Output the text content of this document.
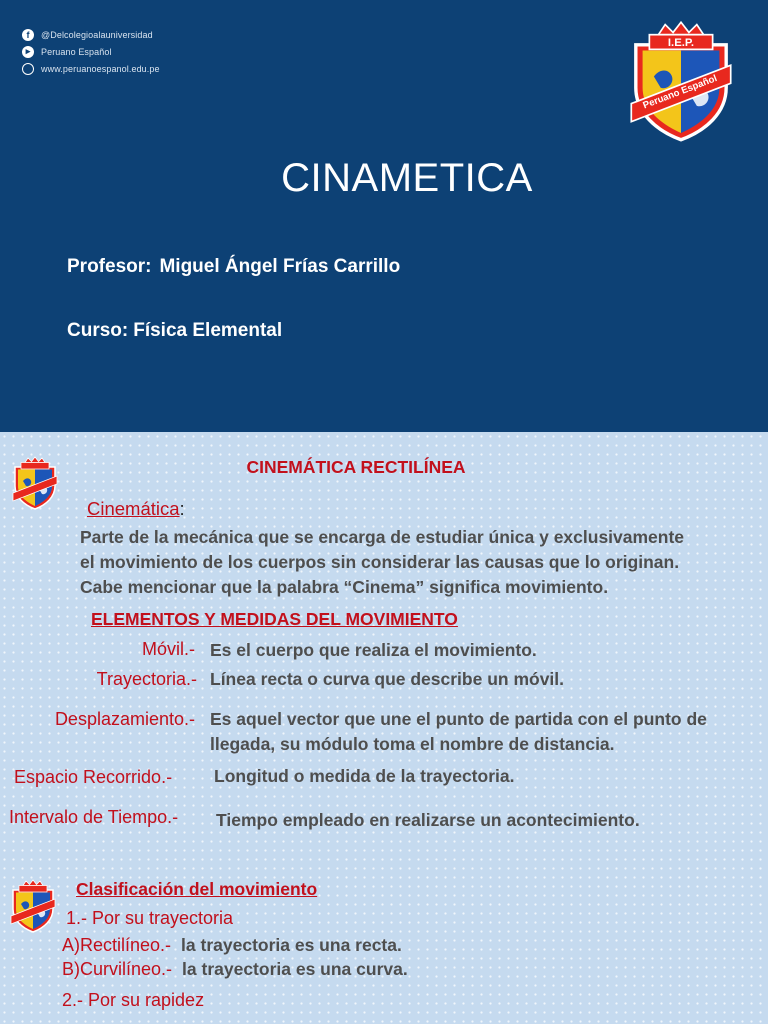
f	@Delcolegioalauniversidad
▸	Peruano Español
www.peruanoespanol.edu.pe
I.E.P.
Peruano Español
CINAMETICA
Profesor: Miguel Ángel Frías Carrillo
Curso: Física Elemental
CINEMÁTICA RECTILÍNEA
Cinemática:
Parte de la mecánica que se encarga de estudiar única y exclusivamente
el movimiento de los cuerpos sin considerar las causas que lo originan.
Cabe mencionar que la palabra “Cinema” significa movimiento.
ELEMENTOS Y MEDIDAS DEL MOVIMIENTO
Móvil.- Es el cuerpo que realiza el movimiento.
Trayectoria.- Línea recta o curva que describe un móvil.
Desplazamiento.- Es aquel vector que une el punto de partida con el punto de
llegada, su módulo toma el nombre de distancia.
Espacio Recorrido.- Longitud o medida de la trayectoria.
Intervalo de Tiempo.- Tiempo empleado en realizarse un acontecimiento.
Clasificación del movimiento
1.- Por su trayectoria
A)Rectilíneo.- la trayectoria es una recta.
B)Curvilíneo.- la trayectoria es una curva.
2.- Por su rapidez
